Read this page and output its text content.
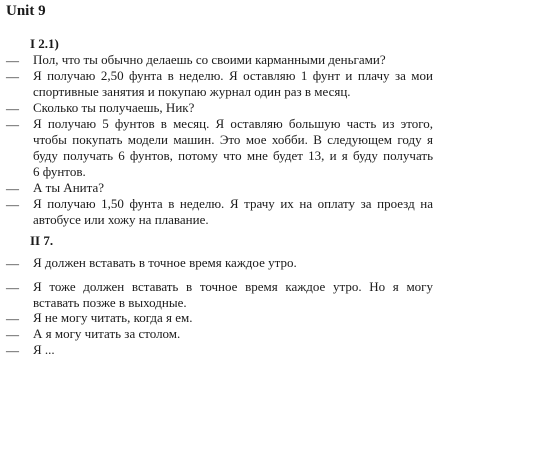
Unit 9
I 2.1)
— Пол, что ты обычно делаешь со своими карманными деньгами?
— Я получаю 2,50 фунта в неделю. Я оставляю 1 фунт и плачу за мои
спортивные занятия и покупаю журнал один раз в месяц.
— Сколько ты получаешь, Ник?
— Я получаю 5 фунтов в месяц. Я оставляю большую часть из этого,
чтобы покупать модели машин. Это мое хобби. В следующем году я
буду получать 6 фунтов, потому что мне будет 13, и я буду получать
6 фунтов.
— А ты Анита?
— Я получаю 1,50 фунта в неделю. Я трачу их на оплату за проезд на
автобусе или хожу на плавание.
II 7.
— Я должен вставать в точное время каждое утро.
— Я тоже должен вставать в точное время каждое утро. Но я могу
вставать позже в выходные.
— Я не могу читать, когда я ем.
— А я могу читать за столом.
— Я ...
